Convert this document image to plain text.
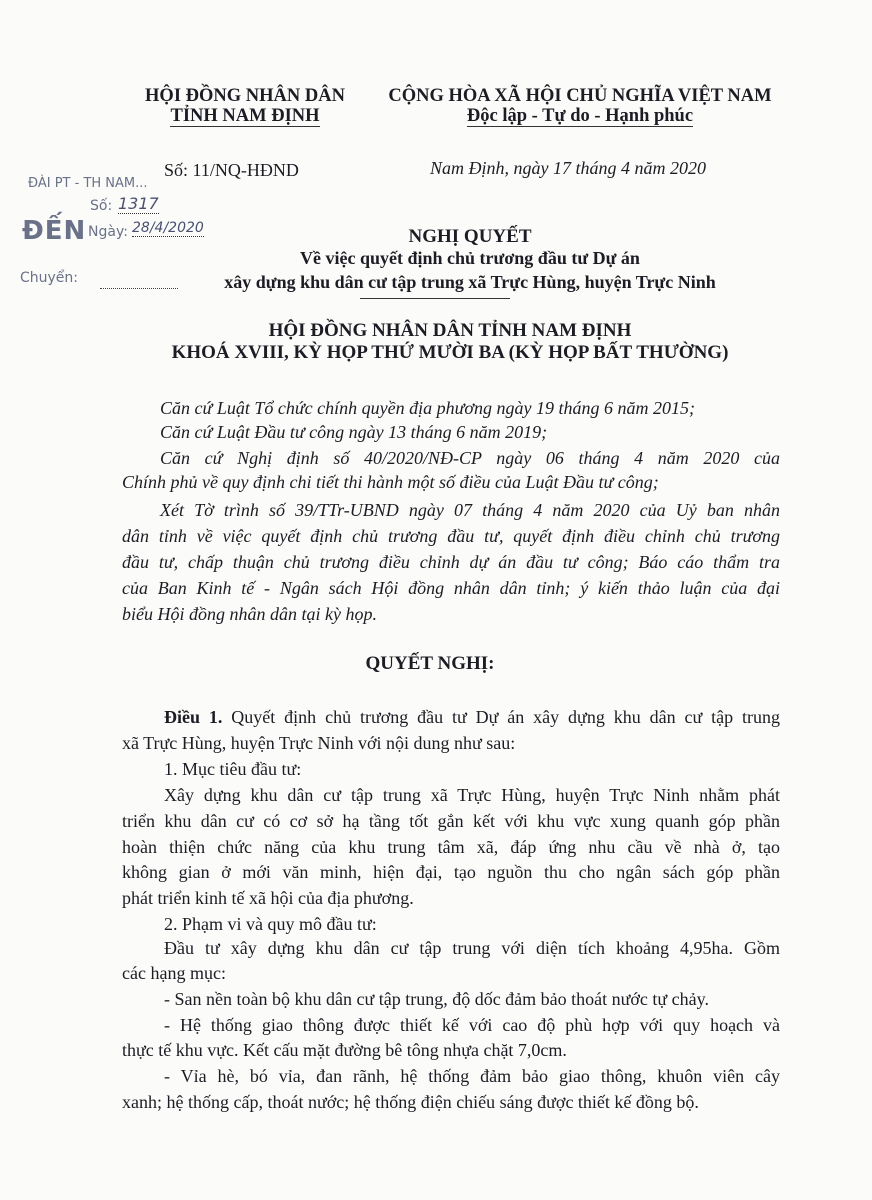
HỘI ĐỒNG NHÂN DÂN
TỈNH NAM ĐỊNH
CỘNG HÒA XÃ HỘI CHỦ NGHĨA VIỆT NAM
Độc lập - Tự do - Hạnh phúc
Số: 11/NQ-HĐND	Nam Định, ngày 17 tháng 4 năm 2020
ĐÀI PT - TH NAM...
Số: 1317
ĐẾN Ngày: 28/4/2020
Chuyển:
NGHỊ QUYẾT
Về việc quyết định chủ trương đầu tư Dự án
xây dựng khu dân cư tập trung xã Trực Hùng, huyện Trực Ninh
HỘI ĐỒNG NHÂN DÂN TỈNH NAM ĐỊNH
KHOÁ XVIII, KỲ HỌP THỨ MƯỜI BA (KỲ HỌP BẤT THƯỜNG)
Căn cứ Luật Tổ chức chính quyền địa phương ngày 19 tháng 6 năm 2015;
Căn cứ Luật Đầu tư công ngày 13 tháng 6 năm 2019;
Căn cứ Nghị định số 40/2020/NĐ-CP ngày 06 tháng 4 năm 2020 của
Chính phủ về quy định chi tiết thi hành một số điều của Luật Đầu tư công;
Xét Tờ trình số 39/TTr-UBND ngày 07 tháng 4 năm 2020 của Uỷ ban nhân
dân tỉnh về việc quyết định chủ trương đầu tư, quyết định điều chỉnh chủ trương
đầu tư, chấp thuận chủ trương điều chỉnh dự án đầu tư công; Báo cáo thẩm tra
của Ban Kinh tế - Ngân sách Hội đồng nhân dân tỉnh; ý kiến thảo luận của đại
biểu Hội đồng nhân dân tại kỳ họp.
QUYẾT NGHỊ:
Điều 1. Quyết định chủ trương đầu tư Dự án xây dựng khu dân cư tập trung
xã Trực Hùng, huyện Trực Ninh với nội dung như sau:
1. Mục tiêu đầu tư:
Xây dựng khu dân cư tập trung xã Trực Hùng, huyện Trực Ninh nhằm phát
triển khu dân cư có cơ sở hạ tầng tốt gắn kết với khu vực xung quanh góp phần
hoàn thiện chức năng của khu trung tâm xã, đáp ứng nhu cầu về nhà ở, tạo
không gian ở mới văn minh, hiện đại, tạo nguồn thu cho ngân sách góp phần
phát triển kinh tế xã hội của địa phương.
2. Phạm vi và quy mô đầu tư:
Đầu tư xây dựng khu dân cư tập trung với diện tích khoảng 4,95ha. Gồm
các hạng mục:
- San nền toàn bộ khu dân cư tập trung, độ dốc đảm bảo thoát nước tự chảy.
- Hệ thống giao thông được thiết kế với cao độ phù hợp với quy hoạch và
thực tế khu vực. Kết cấu mặt đường bê tông nhựa chặt 7,0cm.
- Vỉa hè, bó vỉa, đan rãnh, hệ thống đảm bảo giao thông, khuôn viên cây
xanh; hệ thống cấp, thoát nước; hệ thống điện chiếu sáng được thiết kế đồng bộ.
